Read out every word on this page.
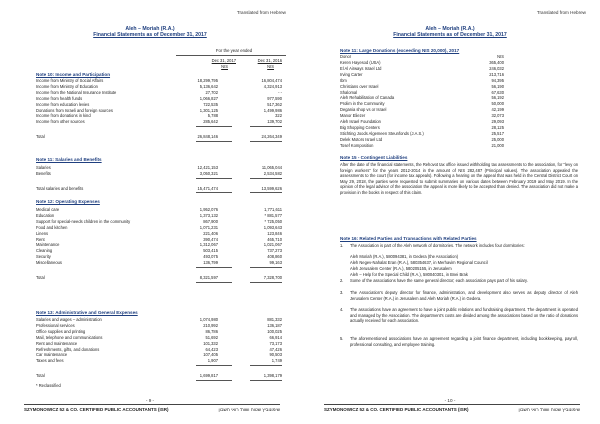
Translated from Hebrew
Aleh – Moriah (R.A.)
Financial Statements as of December 31, 2017
For the year ended
Dec 31, 2017	Dec 31, 2016
NIS	NIS
Note 10: Income and Participation
Income from Ministry of Social Affairs	18,299,795	16,804,474
Income from Ministry of Education	5,136,642	4,324,913
Income from the National Insurance Institute	27,702	- -
Income from health funds	1,066,827	977,590
Income from education levies	722,535	517,362
Donations from Israeli and foreign sources	1,301,125	1,499,986
Income from donations in kind	5,788	322
Income from other sources	285,642	139,702
Total	26,848,146	24,264,349
Note 11: Salaries and Benefits
Salaries	12,421,153	11,065,044
Benefits	3,050,321	2,534,582
Total salaries and benefits	15,471,474	13,599,626
Note 12: Operating Expenses
Medical care	1,952,076	1,771,611
Education	1,373,132	* 881,577
Support for special-needs children in the community	867,900	* 725,050
Food and kitchen	1,071,231	1,093,643
Linens	221,406	123,846
Rent	390,474	465,710
Maintenance	1,312,067	1,021,067
Cleaning	503,415	737,273
Security	493,075	408,860
Miscellaneous	136,799	99,163
Total	8,321,597	7,328,700
Note 13: Administrative and General Expenses
Salaries and wages – administration	1,074,980	881,332
Professional services	210,992	136,187
Office supplies and printing	86,786	100,025
Mail, telephone and communications	51,692	66,914
Rent and maintenance	101,332	73,173
Refreshments, gifts, and donations	64,423	47,426
Car maintenance	107,405	90,503
Taxes and fees	1,907	1,749
Total	1,699,817	1,398,179
* Reclassified
- 9 -
SZYMONOWICZ 52 & CO. CERTIFIED PUBLIC ACCOUNTANTS (ISR)	שימונוביץ שטוח ושות' רואי חשבון
Translated from Hebrew
Aleh – Moriah (R.A.)
Financial Statements as of December 31, 2017
Note 11: Large Donations (exceeding NIS 20,000), 2017
Donor	NIS
Keren Hayesod (USA)	365,400
El Al Airways Israel Ltd	246,032
Irving Carter	213,716
Ibm	94,395
Christians over Israel	56,190
Shalomal	67,630
Aleh Rehabilitation of Canada	56,192
Prolim in the Community	50,000
Degania shop vs or Israel	42,199
Manor Eliezer	32,073
Aleh Israel Foundation	29,093
Big Shopping Centers	28,125
Stichting Joods Algemeen Steunfonds (J.A.S.)	25,517
Delek Motors Israel Ltd	25,000
Tosef Komposition	21,000
Note 15 - Contingent Liabilities
After the date of the financial statements, the Rehovot tax office issued withholding tax assessments to the association, for "levy on foreign workers" for the years 2012-2014 in the amount of NIS 282,487 (Principal values). The association appealed the assessments to the court (for income tax appeals). Following a hearing on the appeal that was held in the Central District Court on May 29, 2018, the parties were requested to submit summaries on various dates between February 2019 and May 2019. In the opinion of the legal advisor of the association the appeal is more likely to be accepted than denied. The association did not make a provision in the books in respect of this claim.
Note 16: Related Parties and Transactions with Related Parties
1. The Association is part of the Aleh network of dormitories. The network includes four dormitories:
Aleh Moriah (R.A.), 580094381, in Gedera (the Association)
Aleh Negev-Nahalat Eran (R.A.), 580354637, in Merhavim Regional Council
Aleh Jerusalem Center (R.A.), 580205155, in Jerusalem
Aleh – Help for the Special Child (R.A.), 580040301, in Bnei Brak
2. Some of the associations have the same general director; each association pays part of his salary.
3. The Association's deputy director for finance, administration, and development also serves as deputy director of Aleh Jerusalem Center (R.A.) in Jerusalem and Aleh Moriah (R.A.) in Gedera.
4. The associations have an agreement to have a joint public relations and fundraising department. The department is operated and managed by the Association. The department's costs are divided among the associations based on the ratio of donations actually received for each association.
5. The aforementioned associations have an agreement regarding a joint finance department, including bookkeeping, payroll, professional consulting, and employee training.
- 10 -
SZYMONOWICZ 52 & CO. CERTIFIED PUBLIC ACCOUNTANTS (ISR)	שימונוביץ שטוח ושות' רואי חשבון
